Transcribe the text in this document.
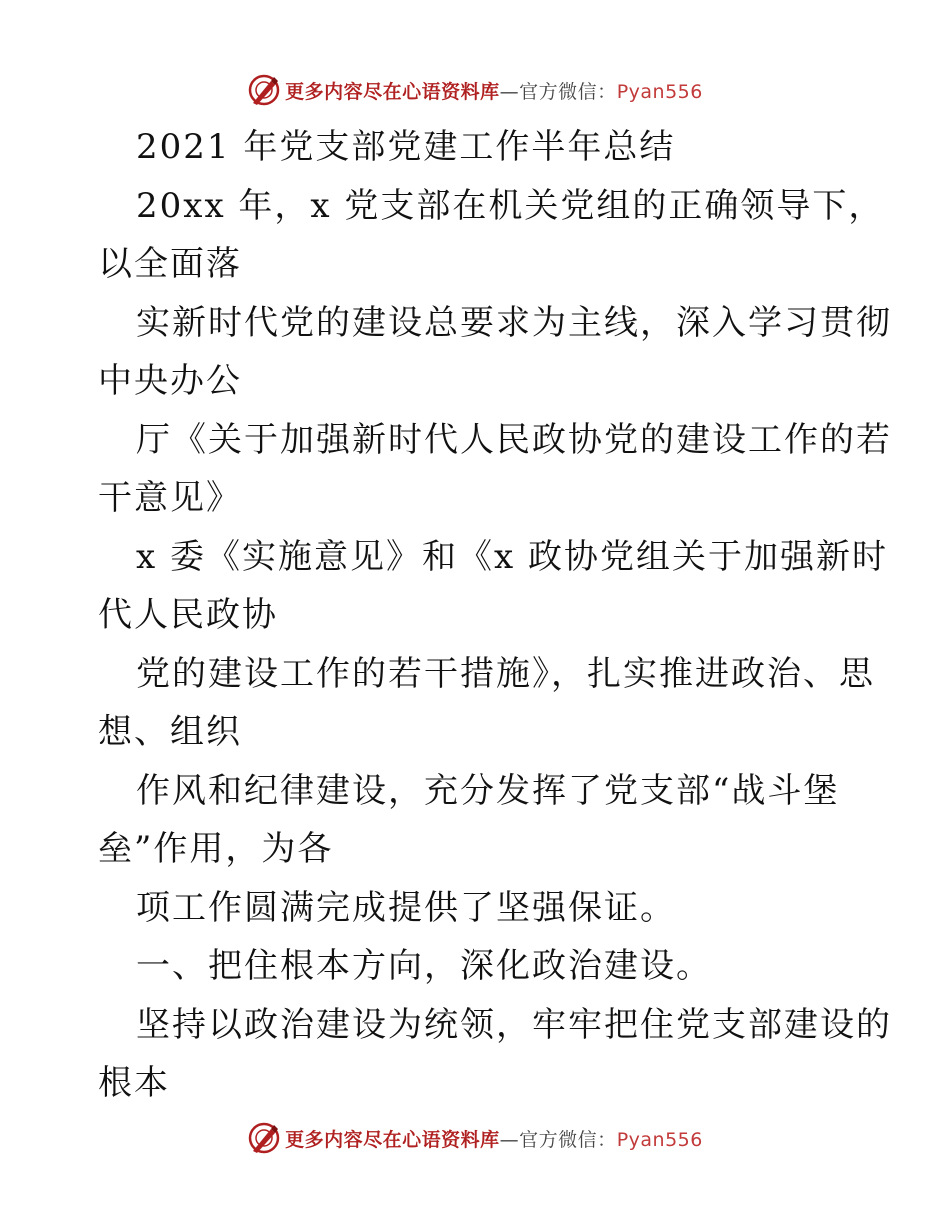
更多内容尽在心语资料库—官方微信：Pyan556
2021 年党支部党建工作半年总结
20xx 年，x 党支部在机关党组的正确领导下，
以全面落
实新时代党的建设总要求为主线，深入学习贯彻
中央办公
厅《关于加强新时代人民政协党的建设工作的若
干意见》
x 委《实施意见》和《x 政协党组关于加强新时
代人民政协
党的建设工作的若干措施》，扎实推进政治、思
想、组织
作风和纪律建设，充分发挥了党支部“战斗堡
垒”作用，为各
项工作圆满完成提供了坚强保证。
一、把住根本方向，深化政治建设。
坚持以政治建设为统领，牢牢把住党支部建设的
根本
更多内容尽在心语资料库—官方微信：Pyan556
